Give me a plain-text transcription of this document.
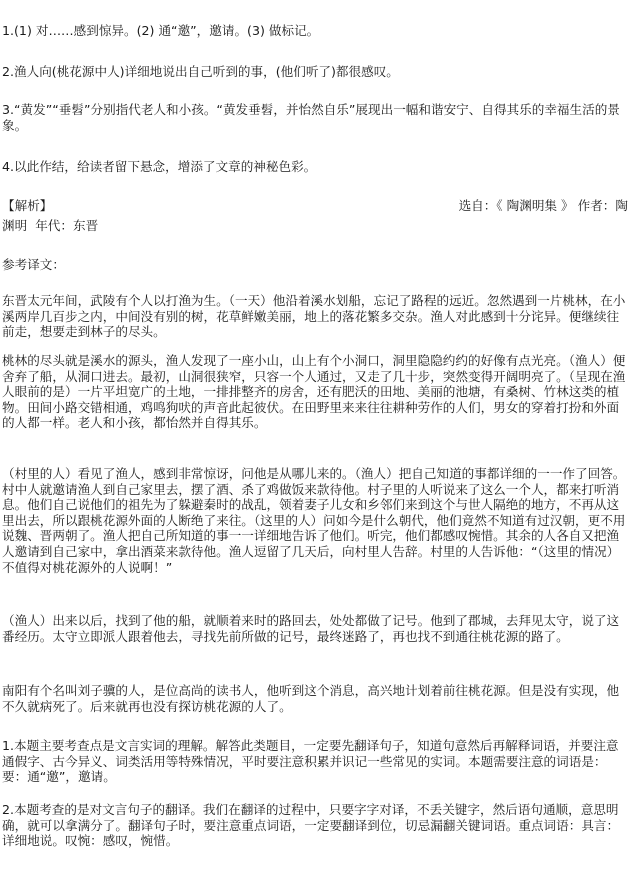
1.(1) 对……感到惊异。(2) 通“邀”，邀请。(3) 做标记。

2.渔人向(桃花源中人)详细地说出自己听到的事，(他们听了)都很感叹。

3.“黄发”“垂髫”分别指代老人和小孩。“黄发垂髫，并怡然自乐”展现出一幅和谐安宁、自得其乐的幸福生活的景象。

4.以此作结，给读者留下悬念，增添了文章的神秘色彩。

【解析】	选自：《 陶渊明集 》 作者：陶

渊明  年代：东晋

参考译文：

东晋太元年间，武陵有个人以打渔为生。（一天）他沿着溪水划船，忘记了路程的远近。忽然遇到一片桃林，在小溪两岸几百步之内，中间没有别的树，花草鲜嫩美丽，地上的落花繁多交杂。渔人对此感到十分诧异。便继续往前走，想要走到林子的尽头。

桃林的尽头就是溪水的源头，渔人发现了一座小山，山上有个小洞口，洞里隐隐约约的好像有点光亮。（渔人）便舍弃了船，从洞口进去。最初，山洞很狭窄，只容一个人通过，又走了几十步，突然变得开阔明亮了。（呈现在渔人眼前的是）一片平坦宽广的土地，一排排整齐的房舍，还有肥沃的田地、美丽的池塘，有桑树、竹林这类的植物。田间小路交错相通，鸡鸣狗吠的声音此起彼伏。在田野里来来往往耕种劳作的人们，男女的穿着打扮和外面的人都一样。老人和小孩，都怡然并自得其乐。

（村里的人）看见了渔人，感到非常惊讶，问他是从哪儿来的。（渔人）把自己知道的事都详细的一一作了回答。村中人就邀请渔人到自己家里去，摆了酒、杀了鸡做饭来款待他。村子里的人听说来了这么一个人，都来打听消息。他们自己说他们的祖先为了躲避秦时的战乱，领着妻子儿女和乡邻们来到这个与世人隔绝的地方，不再从这里出去，所以跟桃花源外面的人断绝了来往。（这里的人）问如今是什么朝代，他们竟然不知道有过汉朝，更不用说魏、晋两朝了。渔人把自己所知道的事一一详细地告诉了他们。听完，他们都感叹惋惜。其余的人各自又把渔人邀请到自己家中，拿出酒菜来款待他。渔人逗留了几天后，向村里人告辞。村里的人告诉他：“（这里的情况）不值得对桃花源外的人说啊！”

（渔人）出来以后，找到了他的船，就顺着来时的路回去，处处都做了记号。他到了郡城，去拜见太守，说了这番经历。太守立即派人跟着他去，寻找先前所做的记号，最终迷路了，再也找不到通往桃花源的路了。

南阳有个名叫刘子骥的人，是位高尚的读书人，他听到这个消息，高兴地计划着前往桃花源。但是没有实现，他不久就病死了。后来就再也没有探访桃花源的人了。

1.本题主要考查点是文言实词的理解。解答此类题目，一定要先翻译句子，知道句意然后再解释词语，并要注意通假字、古今异义、词类活用等特殊情况，平时要注意积累并识记一些常见的实词。本题需要注意的词语是：要：通“邀”，邀请。

2.本题考查的是对文言句子的翻译。我们在翻译的过程中，只要字字对译，不丢关键字，然后语句通顺，意思明确，就可以拿满分了。翻译句子时，要注意重点词语，一定要翻译到位，切忌漏翻关键词语。重点词语：具言：详细地说。叹惋：感叹，惋惜。
